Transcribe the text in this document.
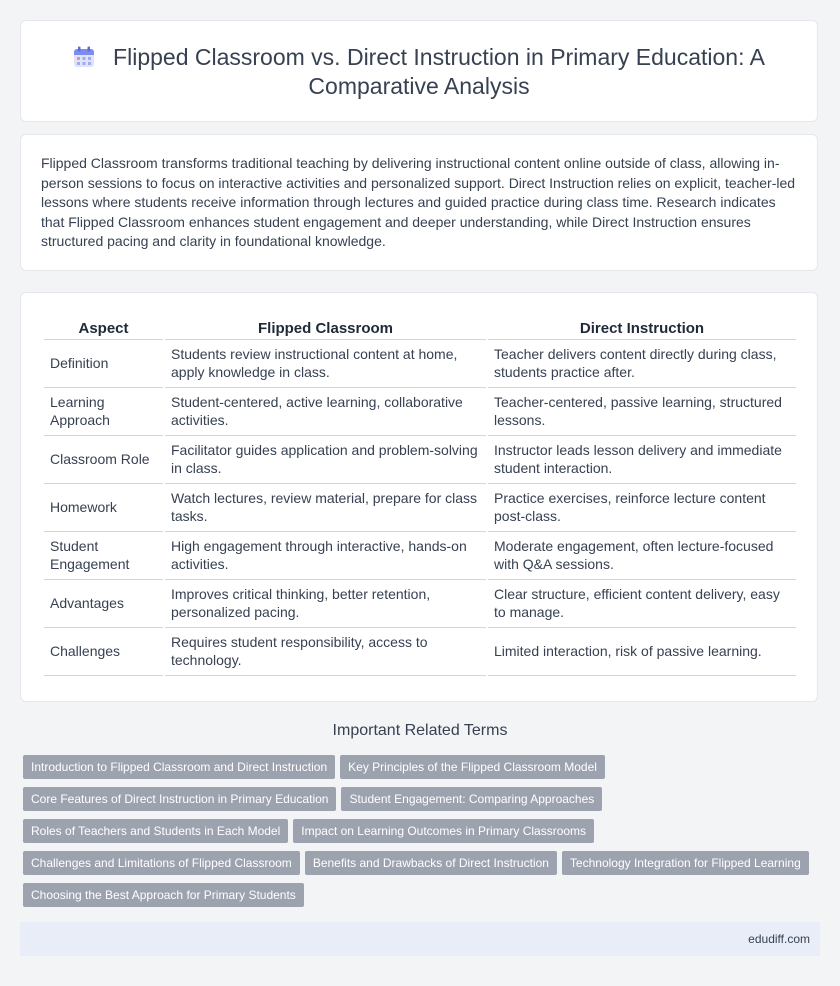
Flipped Classroom vs. Direct Instruction in Primary Education: A Comparative Analysis

Flipped Classroom transforms traditional teaching by delivering instructional content online outside of class, allowing in-person sessions to focus on interactive activities and personalized support. Direct Instruction relies on explicit, teacher-led lessons where students receive information through lectures and guided practice during class time. Research indicates that Flipped Classroom enhances student engagement and deeper understanding, while Direct Instruction ensures structured pacing and clarity in foundational knowledge.

Aspect	Flipped Classroom	Direct Instruction
Definition	Students review instructional content at home, apply knowledge in class.	Teacher delivers content directly during class, students practice after.
Learning Approach	Student-centered, active learning, collaborative activities.	Teacher-centered, passive learning, structured lessons.
Classroom Role	Facilitator guides application and problem-solving in class.	Instructor leads lesson delivery and immediate student interaction.
Homework	Watch lectures, review material, prepare for class tasks.	Practice exercises, reinforce lecture content post-class.
Student Engagement	High engagement through interactive, hands-on activities.	Moderate engagement, often lecture-focused with Q&A sessions.
Advantages	Improves critical thinking, better retention, personalized pacing.	Clear structure, efficient content delivery, easy to manage.
Challenges	Requires student responsibility, access to technology.	Limited interaction, risk of passive learning.
Important Related Terms
Introduction to Flipped Classroom and Direct Instruction Key Principles of the Flipped Classroom Model
Core Features of Direct Instruction in Primary Education Student Engagement: Comparing Approaches
Roles of Teachers and Students in Each Model Impact on Learning Outcomes in Primary Classrooms
Challenges and Limitations of Flipped Classroom Benefits and Drawbacks of Direct Instruction Technology Integration for Flipped Learning
Choosing the Best Approach for Primary Students
edudiff.com
